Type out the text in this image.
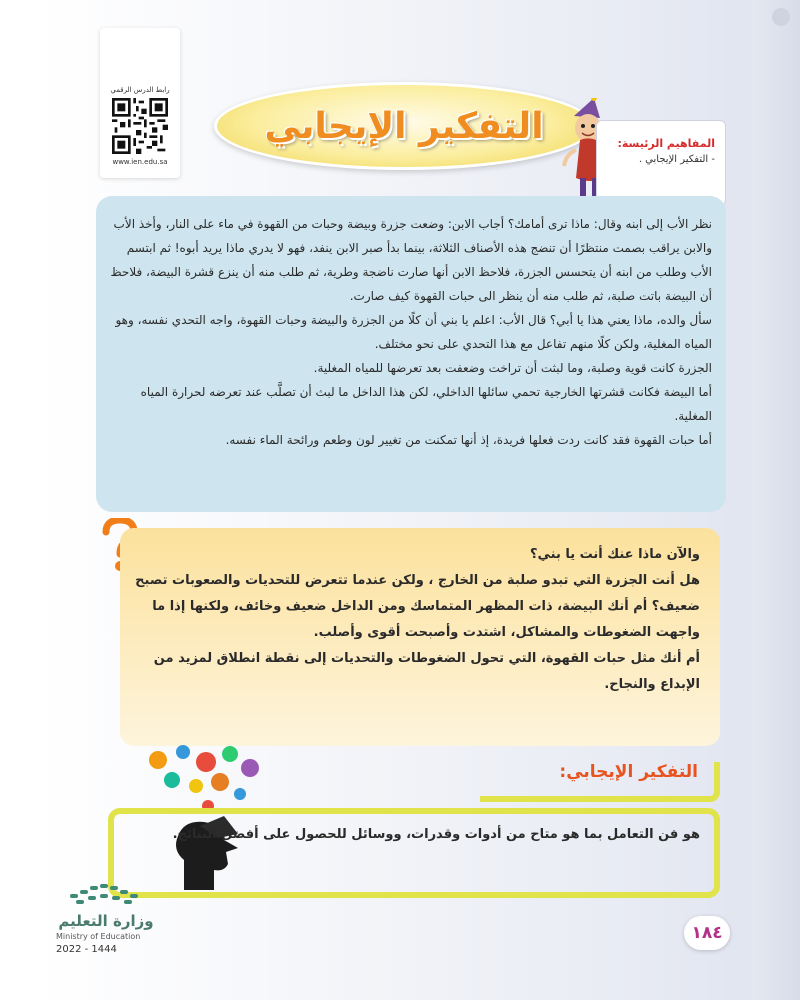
رابط الدرس الرقمي
www.ien.edu.sa
التفكير الإيجابي	المفاهيم الرئيسة:
- التفكير الإيجابي .

نظر الأب إلى ابنه وقال: ماذا ترى أمامك؟ أجاب الابن: وضعت جزرة وبيضة وحبات من القهوة في ماء على النار، وأخذ الأب والابن يراقب بصمت منتظرًا أن تنضج هذه الأصناف الثلاثة، بينما بدأ صبر الابن ينفد، فهو لا يدري ماذا يريد أبوه! ثم ابتسم الأب وطلب من ابنه أن يتحسس الجزرة، فلاحظ الابن أنها صارت ناضجة وطرية، ثم طلب منه أن ينزع قشرة البيضة، فلاحظ أن البيضة باتت صلبة، ثم طلب منه أن ينظر الى حبات القهوة كيف صارت.

سأل والده، ماذا يعني هذا يا أبي؟ قال الأب: اعلم يا بني أن كلًا من الجزرة والبيضة وحبات القهوة، واجه التحدي نفسه، وهو المياه المغلية، ولكن كلًا منهم تفاعل مع هذا التحدي على نحو مختلف.

الجزرة كانت قوية وصلبة، وما لبثت أن تراخت وضعفت بعد تعرضها للمياه المغلية.

أما البيضة فكانت قشرتها الخارجية تحمي سائلها الداخلي، لكن هذا الداخل ما لبث أن تصلَّب عند تعرضه لحرارة المياه المغلية.

أما حبات القهوة فقد كانت ردت فعلها فريدة، إذ أنها تمكنت من تغيير لون وطعم ورائحة الماء نفسه.

والآن ماذا عنك أنت يا بني؟

هل أنت الجزرة التي تبدو صلبة من الخارج ، ولكن عندما تتعرض للتحديات والصعوبات تصبح ضعيف؟ أم أنك البيضة، ذات المظهر المتماسك ومن الداخل ضعيف وخائف، ولكنها إذا ما واجهت الضغوطات والمشاكل، اشتدت وأصبحت أقوى وأصلب.

أم أنك مثل حبات القهوة، التي تحول الضغوطات والتحديات إلى نقطة انطلاق لمزيد من الإبداع والنجاح.

التفكير الإيجابي:
هو فن التعامل بما هو متاح من أدوات وقدرات، ووسائل للحصول على أفضل النتائج.
وزارة التعليم
Ministry of Education
2022 - 1444
١٨٤
